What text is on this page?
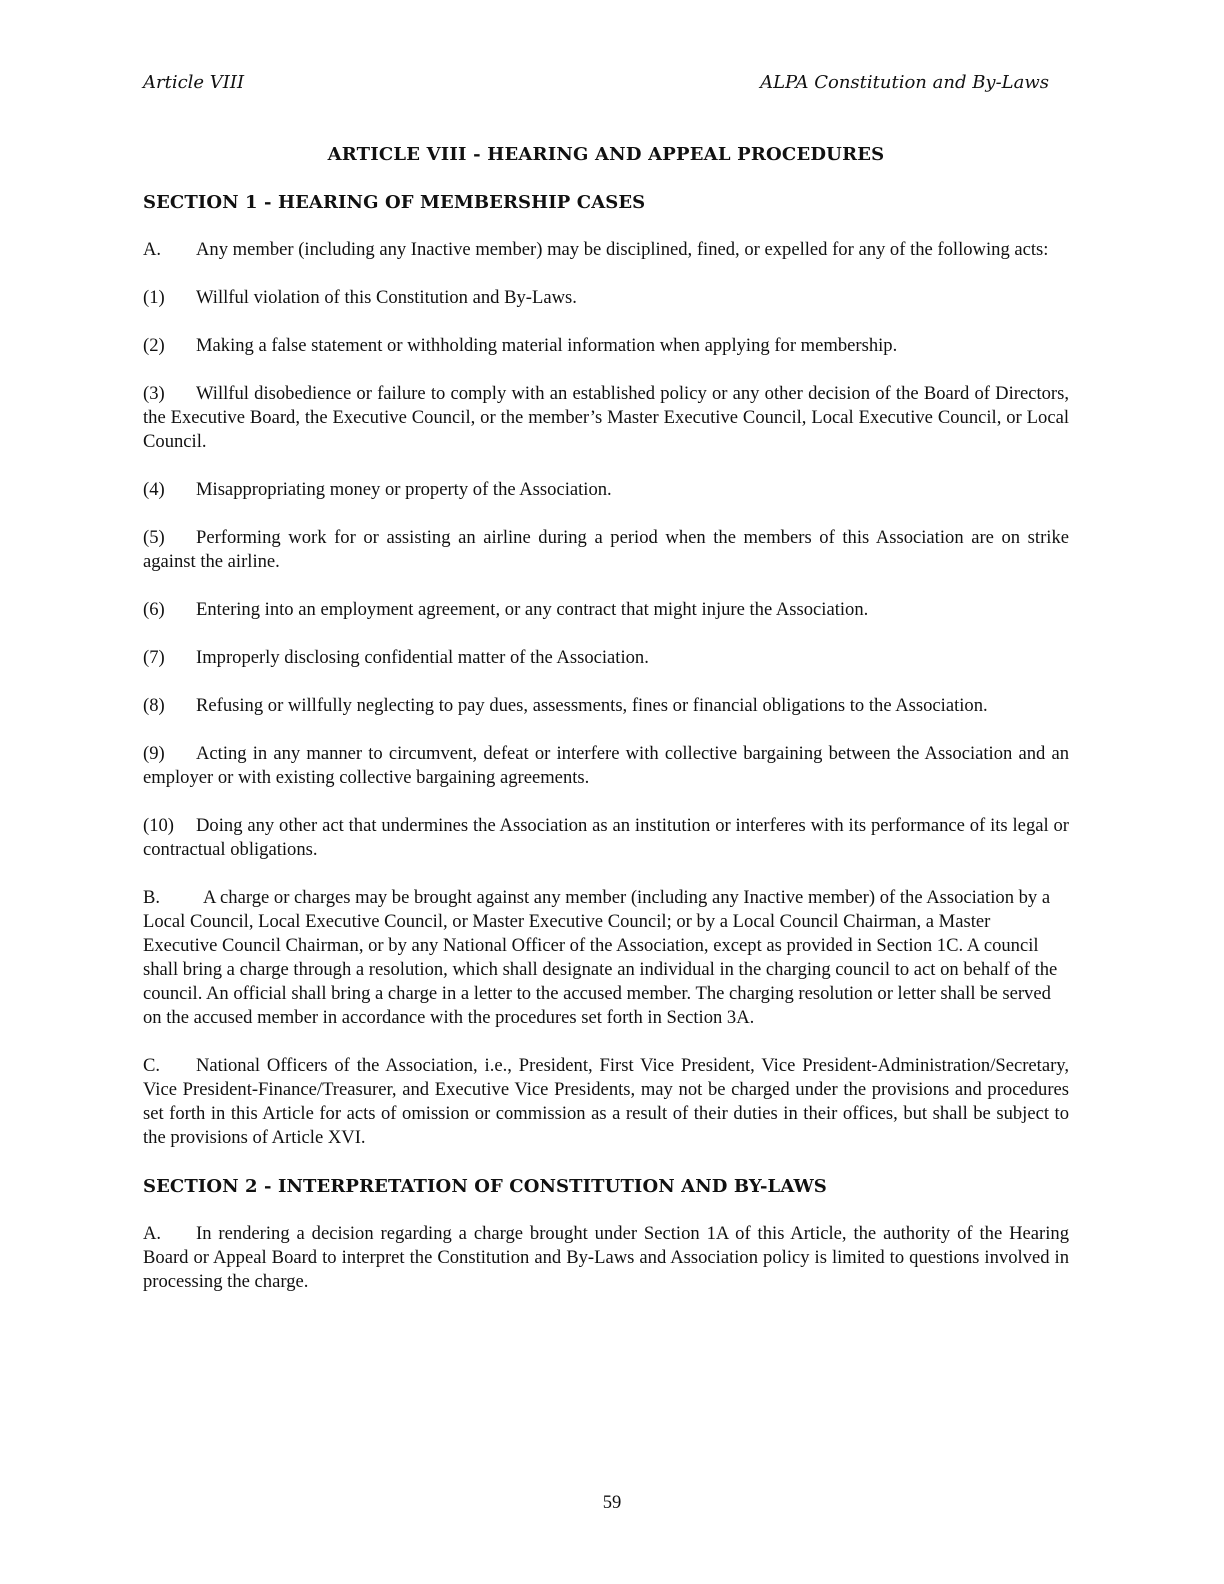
Article VIII	ALPA Constitution and By-Laws
ARTICLE VIII - HEARING AND APPEAL PROCEDURES
SECTION 1 - HEARING OF MEMBERSHIP CASES

A. Any member (including any Inactive member) may be disciplined, fined, or expelled for any of the following acts:

(1) Willful violation of this Constitution and By-Laws.

(2) Making a false statement or withholding material information when applying for membership.

(3) Willful disobedience or failure to comply with an established policy or any other decision of the Board of Directors, the Executive Board, the Executive Council, or the member’s Master Executive Council, Local Executive Council, or Local Council.

(4) Misappropriating money or property of the Association.

(5) Performing work for or assisting an airline during a period when the members of this Association are on strike against the airline.

(6) Entering into an employment agreement, or any contract that might injure the Association.

(7) Improperly disclosing confidential matter of the Association.

(8) Refusing or willfully neglecting to pay dues, assessments, fines or financial obligations to the Association.

(9) Acting in any manner to circumvent, defeat or interfere with collective bargaining between the Association and an employer or with existing collective bargaining agreements.

(10) Doing any other act that undermines the Association as an institution or interferes with its performance of its legal or contractual obligations.

B. A charge or charges may be brought against any member (including any Inactive member) of the Association by a Local Council, Local Executive Council, or Master Executive Council; or by a Local Council Chairman, a Master Executive Council Chairman, or by any National Officer of the Association, except as provided in Section 1C. A council shall bring a charge through a resolution, which shall designate an individual in the charging council to act on behalf of the council. An official shall bring a charge in a letter to the accused member. The charging resolution or letter shall be served on the accused member in accordance with the procedures set forth in Section 3A.

C. National Officers of the Association, i.e., President, First Vice President, Vice President-Administration/Secretary, Vice President-Finance/Treasurer, and Executive Vice Presidents, may not be charged under the provisions and procedures set forth in this Article for acts of omission or commission as a result of their duties in their offices, but shall be subject to the provisions of Article XVI.

SECTION 2 - INTERPRETATION OF CONSTITUTION AND BY-LAWS

A. In rendering a decision regarding a charge brought under Section 1A of this Article, the authority of the Hearing Board or Appeal Board to interpret the Constitution and By-Laws and Association policy is limited to questions involved in processing the charge.

59
